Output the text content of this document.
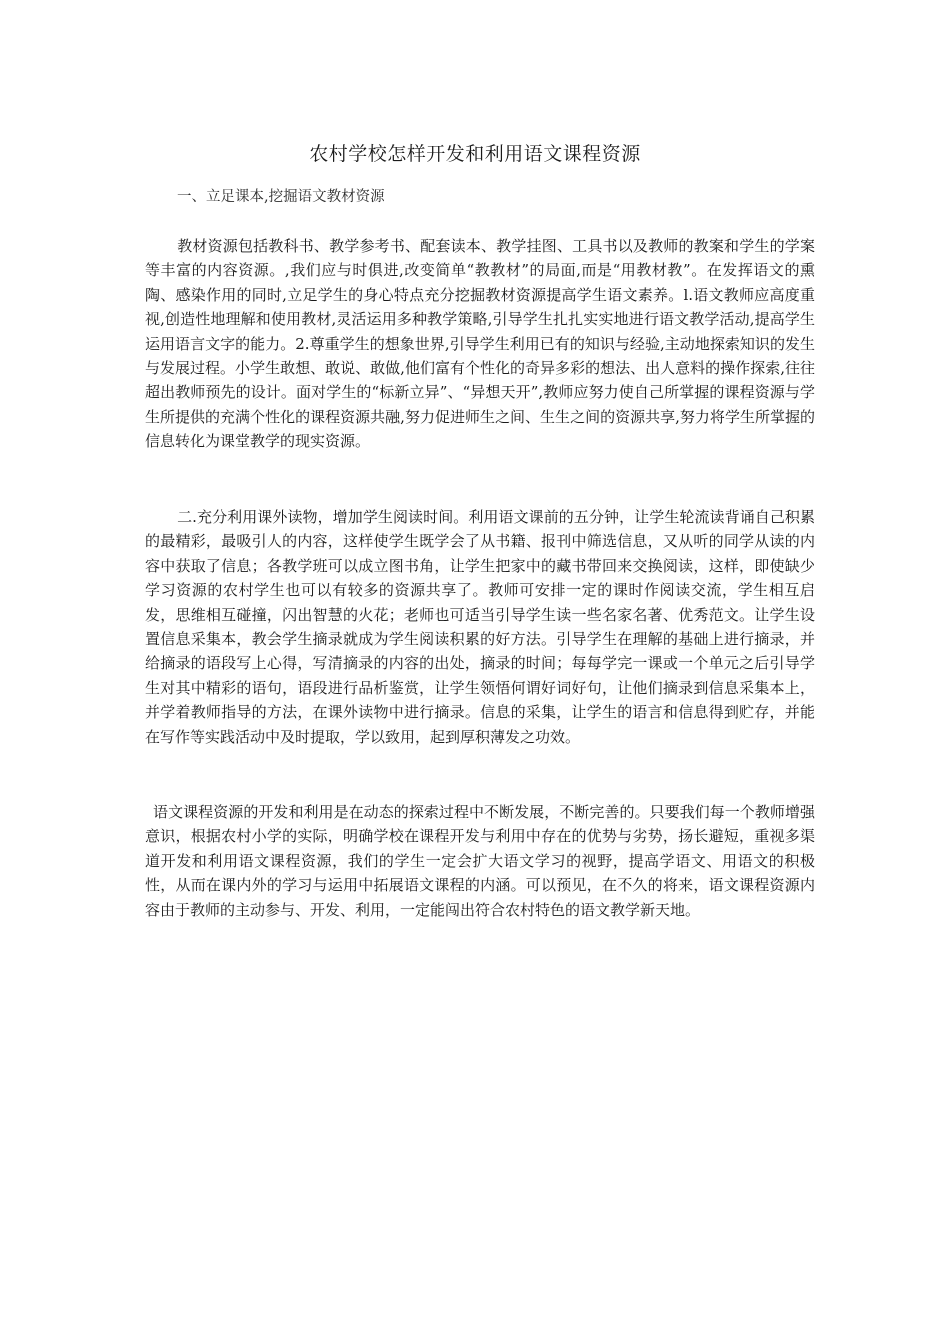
农村学校怎样开发和利用语文课程资源
一、立足课本,挖掘语文教材资源
教材资源包括教科书、教学参考书、配套读本、教学挂图、工具书以及教师的教案和学生的学案等丰富的内容资源。,我们应与时俱进,改变简单“教教材”的局面,而是“用教材教”。在发挥语文的熏陶、感染作用的同时,立足学生的身心特点充分挖掘教材资源提高学生语文素养。l.语文教师应高度重视,创造性地理解和使用教材,灵活运用多种教学策略,引导学生扎扎实实地进行语文教学活动,提高学生运用语言文字的能力。2.尊重学生的想象世界,引导学生利用已有的知识与经验,主动地探索知识的发生与发展过程。小学生敢想、敢说、敢做,他们富有个性化的奇异多彩的想法、出人意料的操作探索,往往超出教师预先的设计。面对学生的“标新立异”、“异想天开”,教师应努力使自己所掌握的课程资源与学生所提供的充满个性化的课程资源共融,努力促进师生之间、生生之间的资源共享,努力将学生所掌握的信息转化为课堂教学的现实资源。
二.充分利用课外读物，增加学生阅读时间。利用语文课前的五分钟，让学生轮流读背诵自己积累的最精彩，最吸引人的内容，这样使学生既学会了从书籍、报刊中筛选信息，又从听的同学从读的内容中获取了信息；各教学班可以成立图书角，让学生把家中的藏书带回来交换阅读，这样，即使缺少学习资源的农村学生也可以有较多的资源共享了。教师可安排一定的课时作阅读交流，学生相互启发，思维相互碰撞，闪出智慧的火花；老师也可适当引导学生读一些名家名著、优秀范文。让学生设置信息采集本，教会学生摘录就成为学生阅读积累的好方法。引导学生在理解的基础上进行摘录，并给摘录的语段写上心得，写清摘录的内容的出处，摘录的时间；每每学完一课或一个单元之后引导学生对其中精彩的语句，语段进行品析鉴赏，让学生领悟何谓好词好句，让他们摘录到信息采集本上，并学着教师指导的方法，在课外读物中进行摘录。信息的采集，让学生的语言和信息得到贮存，并能在写作等实践活动中及时提取，学以致用，起到厚积薄发之功效。
语文课程资源的开发和利用是在动态的探索过程中不断发展，不断完善的。只要我们每一个教师增强意识，根据农村小学的实际，明确学校在课程开发与利用中存在的优势与劣势，扬长避短，重视多渠道开发和利用语文课程资源，我们的学生一定会扩大语文学习的视野，提高学语文、用语文的积极性，从而在课内外的学习与运用中拓展语文课程的内涵。可以预见，在不久的将来，语文课程资源内容由于教师的主动参与、开发、利用，一定能闯出符合农村特色的语文教学新天地。
